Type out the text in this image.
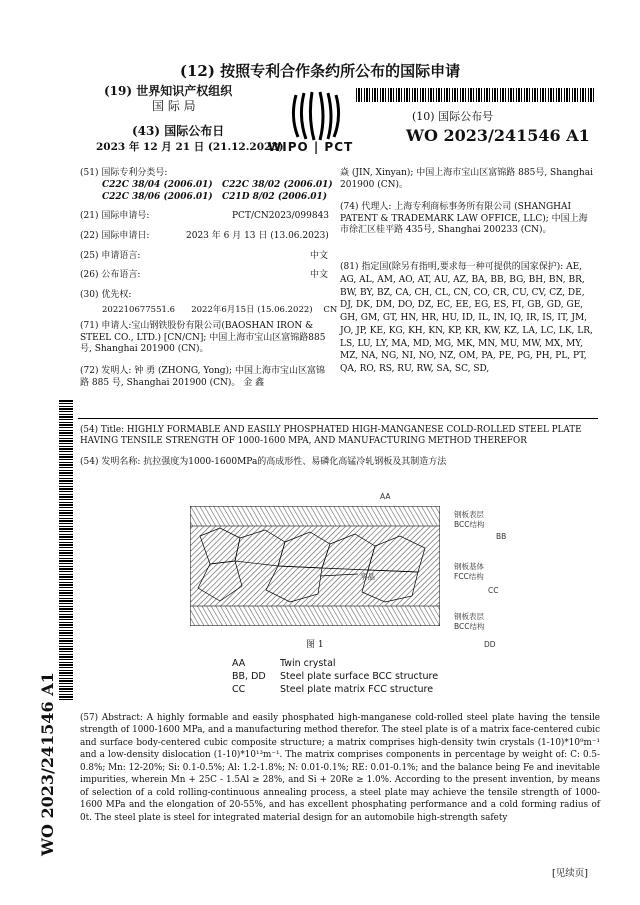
(12) 按照专利合作条约所公布的国际申请
(19) 世界知识产权组织
国 际 局
(43) 国际公布日
2023 年 12 月 21 日 (21.12.2023)
WIPO | PCT
(10) 国际公布号
WO 2023/241546 A1
WO 2023/241546 A1
(51) 国际专利分类号:
C22C 38/04 (2006.01)	C22C 38/02 (2006.01)
C22C 38/06 (2006.01)	C21D 8/02 (2006.01)
(21) 国际申请号:	PCT/CN2023/099843
(22) 国际申请日:	2023 年 6 月 13 日 (13.06.2023)
(25) 申请语言:	中文
(26) 公布语言:	中文
(30) 优先权:
202210677551.6      2022年6月15日 (15.06.2022)    CN
(71) 申请人:宝山钢铁股份有限公司(BAOSHAN IRON & STEEL CO., LTD.) [CN/CN]; 中国上海市宝山区富锦路885号, Shanghai 201900 (CN)。
(72) 发明人: 钟 勇 (ZHONG, Yong); 中国上海市宝山区富锦路 885 号, Shanghai 201900 (CN)。 金 鑫
焱 (JIN, Xinyan); 中国上海市宝山区富锦路 885号, Shanghai 201900 (CN)。
(74) 代理人: 上海专利商标事务所有限公司 (SHANGHAI PATENT & TRADEMARK LAW OFFICE, LLC); 中国上海市徐汇区桂平路 435号, Shanghai 200233 (CN)。
(81) 指定国(除另有指明,要求每一种可提供的国家保护): AE, AG, AL, AM, AO, AT, AU, AZ, BA, BB, BG, BH, BN, BR, BW, BY, BZ, CA, CH, CL, CN, CO, CR, CU, CV, CZ, DE, DJ, DK, DM, DO, DZ, EC, EE, EG, ES, FI, GB, GD, GE, GH, GM, GT, HN, HR, HU, ID, IL, IN, IQ, IR, IS, IT, JM, JO, JP, KE, KG, KH, KN, KP, KR, KW, KZ, LA, LC, LK, LR, LS, LU, LY, MA, MD, MG, MK, MN, MU, MW, MX, MY, MZ, NA, NG, NI, NO, NZ, OM, PA, PE, PG, PH, PL, PT, QA, RO, RS, RU, RW, SA, SC, SD,
(54) Title: HIGHLY FORMABLE AND EASILY PHOSPHATED HIGH-MANGANESE COLD-ROLLED STEEL PLATE HAVING TENSILE STRENGTH OF 1000-1600 MPA, AND MANUFACTURING METHOD THEREFOR
(54) 发明名称: 抗拉强度为1000-1600MPa的高成形性、易磷化高锰冷轧钢板及其制造方法
AA
BB
CC
DD
钢板表层
BCC结构
钢板基体
FCC结构
钢板表层
BCC结构
孪晶
图 1
AA	Twin crystal
BB, DD Steel plate surface BCC structure
CC	Steel plate matrix FCC structure
(57) Abstract: A highly formable and easily phosphated high-manganese cold-rolled steel plate having the tensile strength of 1000-1600 MPa, and a manufacturing method therefor. The steel plate is of a matrix face-centered cubic and surface body-centered cubic composite structure; a matrix comprises high-density twin crystals (1-10)*10⁹m⁻¹ and a low-density dislocation (1-10)*10¹³m⁻¹. The matrix comprises components in percentage by weight of: C: 0.5-0.8%; Mn: 12-20%; Si: 0.1-0.5%; Al: 1.2-1.8%; N: 0.01-0.1%; RE: 0.01-0.1%; and the balance being Fe and inevitable impurities, wherein Mn + 25C - 1.5Al ≥ 28%, and Si + 20Re ≥ 1.0%. According to the present invention, by means of selection of a cold rolling-continuous annealing process, a steel plate may achieve the tensile strength of 1000-1600 MPa and the elongation of 20-55%, and has excellent phosphating performance and a cold forming radius of 0t. The steel plate is steel for integrated material design for an automobile high-strength safety
[见续页]
